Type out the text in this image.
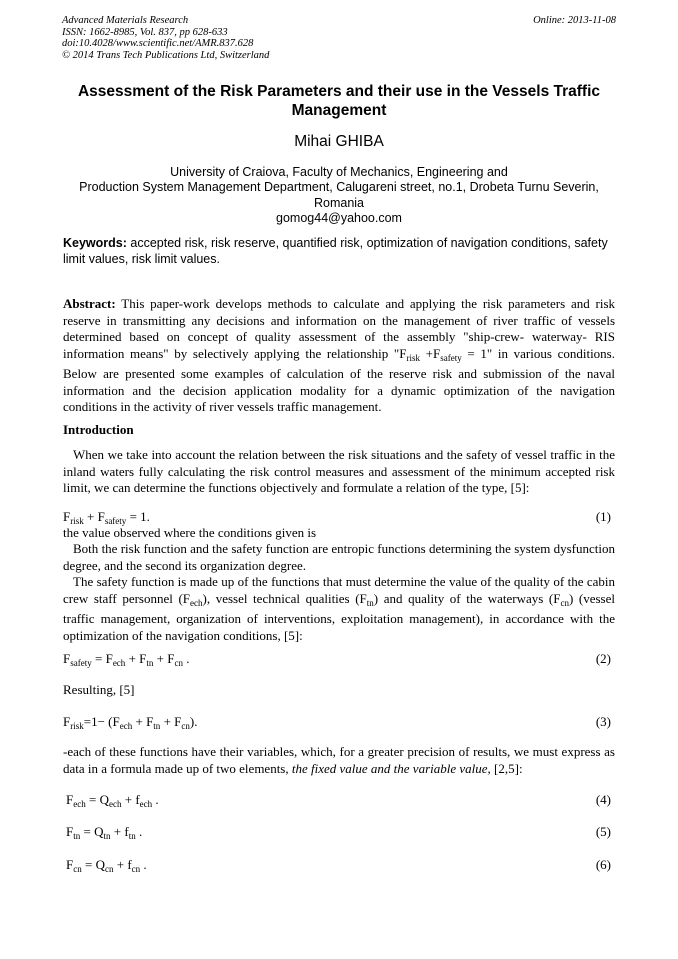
Advanced Materials Research
ISSN: 1662-8985, Vol. 837, pp 628-633
doi:10.4028/www.scientific.net/AMR.837.628
© 2014 Trans Tech Publications Ltd, Switzerland
Online: 2013-11-08
Assessment of the Risk Parameters and their use in the Vessels Traffic Management
Mihai GHIBA
University of Craiova, Faculty of Mechanics, Engineering and
Production System Management Department, Calugareni street, no.1, Drobeta Turnu Severin,
Romania
gomog44@yahoo.com
Keywords: accepted risk, risk reserve, quantified risk, optimization of navigation conditions, safety limit values, risk limit values.
Abstract: This paper-work develops methods to calculate and applying the risk parameters and risk reserve in transmitting any decisions and information on the management of river traffic of vessels determined based on concept of quality assessment of the assembly "ship-crew- waterway- RIS information means" by selectively applying the relationship "$F_{risk} +F_{safety} = 1$" in various conditions. Below are presented some examples of calculation of the reserve risk and submission of the naval information and the decision application modality for a dynamic optimization of the navigation conditions in the activity of river vessels traffic management.
Introduction
When we take into account the relation between the risk situations and the safety of vessel traffic in the inland waters fully calculating the risk control measures and assessment of the minimum accepted risk limit, we can determine the functions objectively and formulate a relation of the type, [5]:
$F_{risk} + F_{safety} = 1$.	(1)
the value observed where the conditions given is
Both the risk function and the safety function are entropic functions determining the system dysfunction degree, and the second its organization degree.
The safety function is made up of the functions that must determine the value of the quality of the cabin crew staff personnel $(F_{ech})$, vessel technical qualities $(F_{tn})$ and quality of the waterways $(F_{cn})$ (vessel traffic management, organization of interventions, exploitation management), in accordance with the optimization of the navigation conditions, [5]:
$F_{safety} = F_{ech} + F_{tn} + F_{cn}$ .	(2)
Resulting, [5]
$F_{risk}=1- (F_{ech} + F_{tn} + F_{cn})$.	(3)
-each of these functions have their variables, which, for a greater precision of results, we must express as data in a formula made up of two elements, the fixed value and the variable value, [2,5]:
$F_{ech} = Q_{ech} + f_{ech}$ .	(4)
$F_{tn} = Q_{tn} + f_{tn}$ .	(5)
$F_{cn} = Q_{cn} + f_{cn}$ .	(6)
